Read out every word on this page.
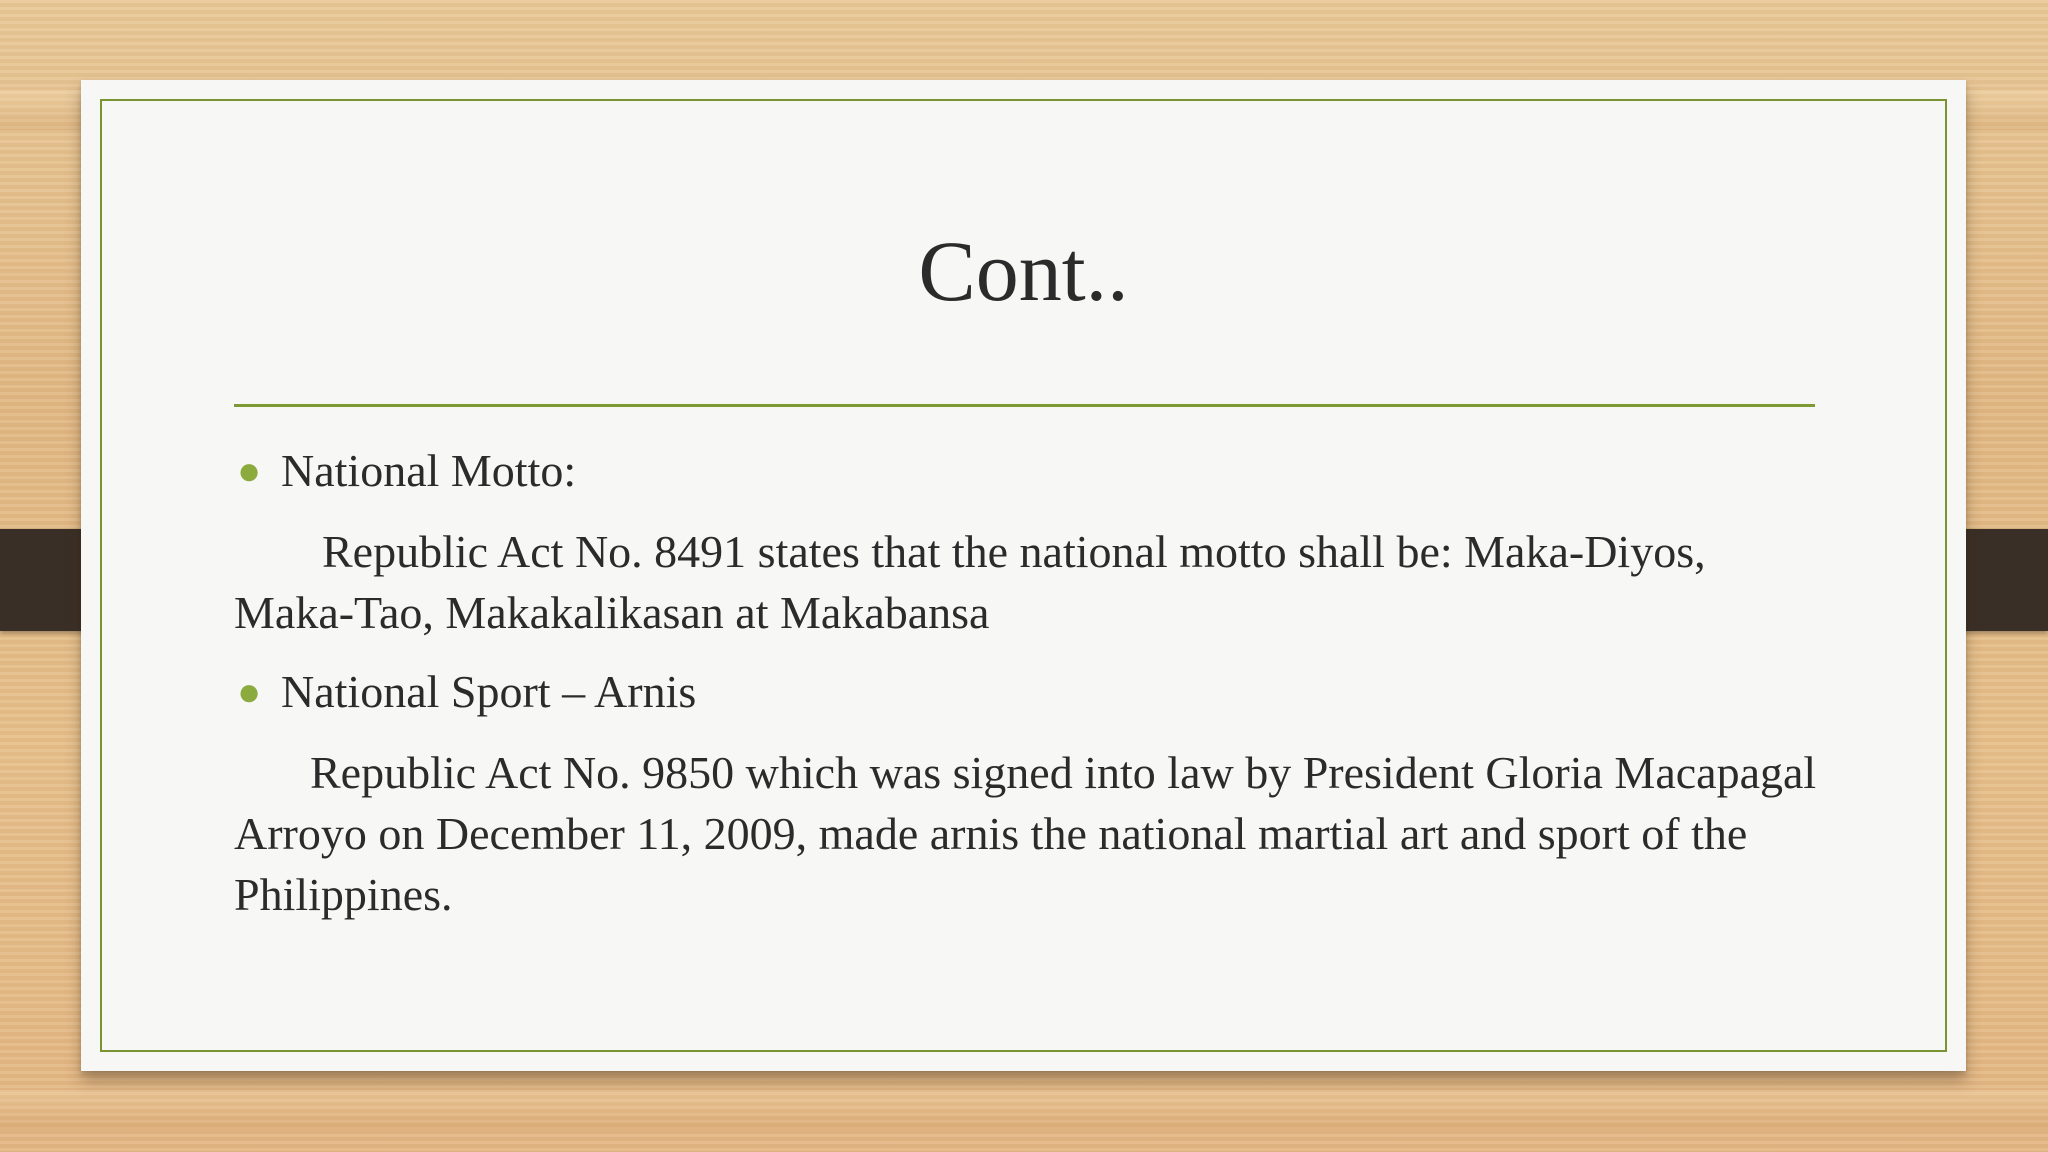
Cont..

● National Motto:

Republic Act No. 8491 states that the national motto shall be: Maka-Diyos, Maka-Tao, Makakalikasan at Makabansa

● National Sport – Arnis

Republic Act No. 9850 which was signed into law by President Gloria Macapagal Arroyo on December 11, 2009, made arnis the national martial art and sport of the Philippines.
